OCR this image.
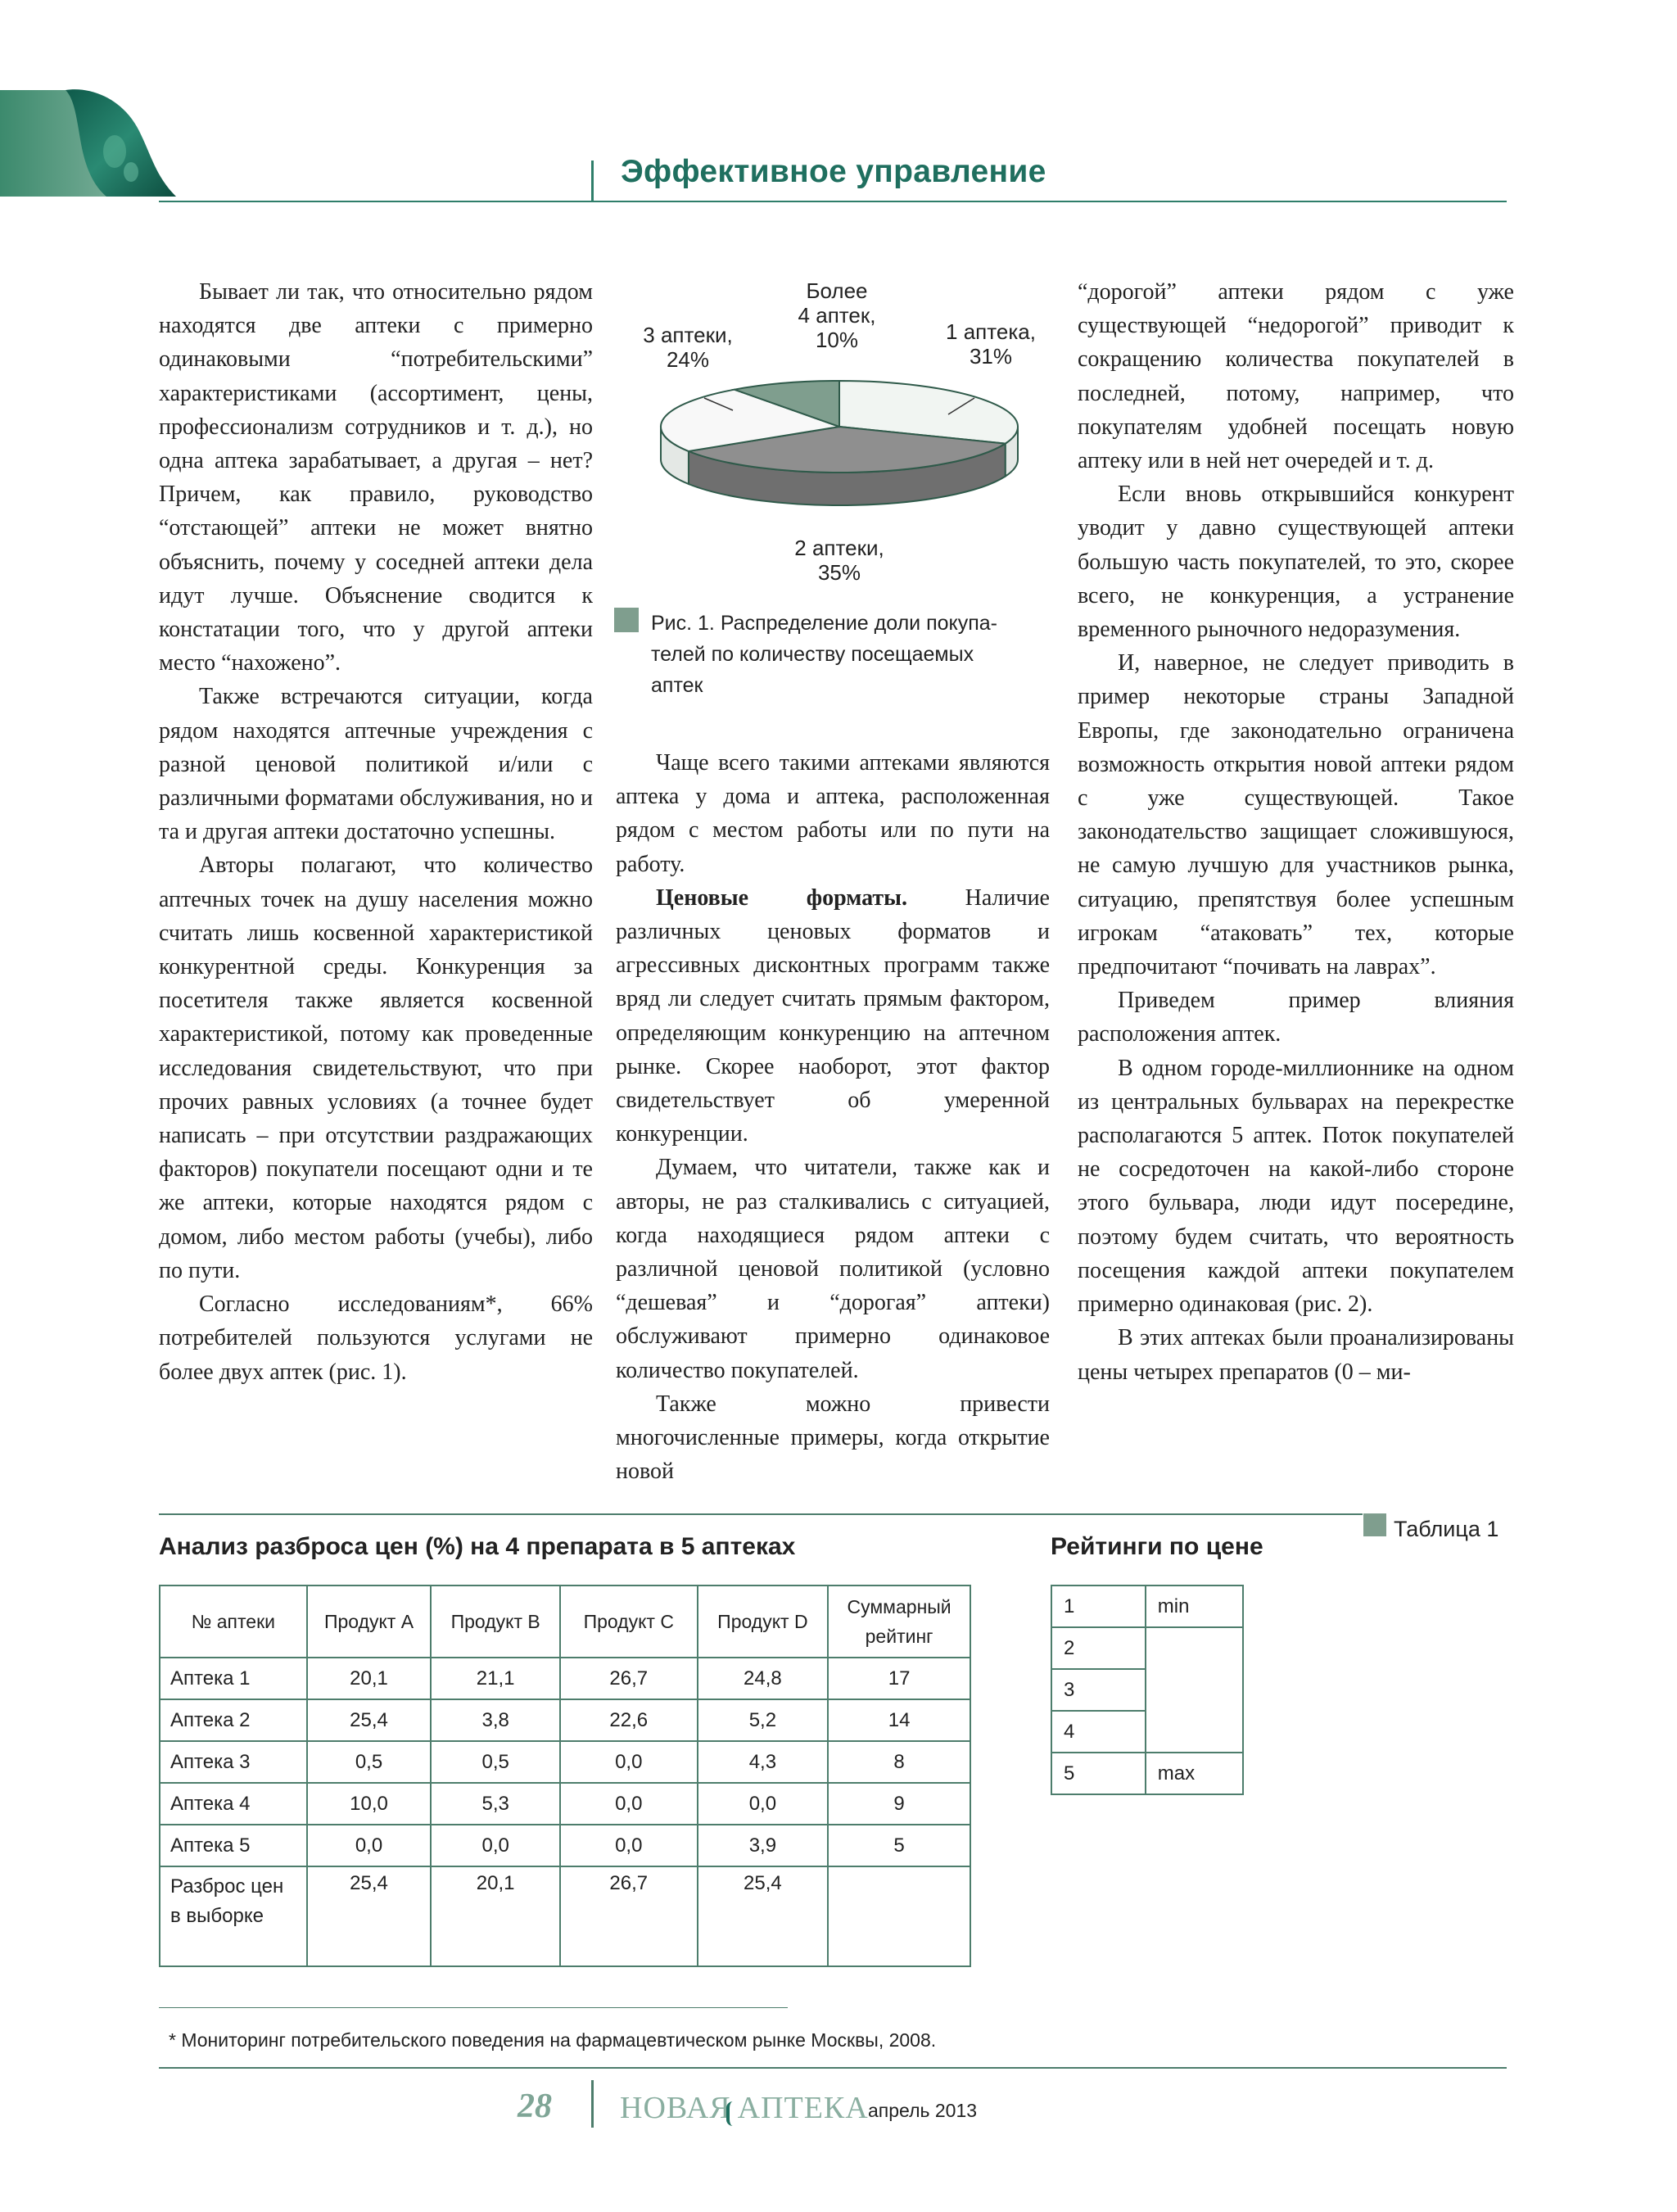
Эффективное управление

Бывает ли так, что относительно рядом находятся две аптеки с примерно одинаковыми “потребительскими” характеристиками (ассортимент, цены, профессионализм сотрудников и т. д.), но одна аптека зарабатывает, а другая – нет? Причем, как правило, руководство “отстающей” аптеки не может внятно объяснить, почему у соседней аптеки дела идут лучше. Объяснение сводится к констатации того, что у другой аптеки место “нахожено”.

Также встречаются ситуации, когда рядом находятся аптечные учреждения с разной ценовой политикой и/или с различными форматами обслуживания, но и та и другая аптеки достаточно успешны.

Авторы полагают, что количество аптечных точек на душу населения можно считать лишь косвенной характеристикой конкурентной среды. Конкуренция за посетителя также является косвенной характеристикой, потому как проведенные исследования свидетельствуют, что при прочих равных условиях (а точнее будет написать – при отсутствии раздражающих факторов) покупатели посещают одни и те же аптеки, которые находятся рядом с домом, либо местом работы (учебы), либо по пути.

Согласно исследованиям*, 66% потребителей пользуются услугами не более двух аптек (рис. 1).

1 аптека, 31%
2 аптеки, 35%
3 аптеки, 24%
Более 4 аптек, 10%
Рис. 1. Распределение доли покупа-
телей по количеству посещаемых
аптек

Чаще всего такими аптеками являются аптека у дома и аптека, расположенная рядом с местом работы или по пути на работу.

Ценовые форматы. Наличие различных ценовых форматов и агрессивных дисконтных программ также вряд ли следует считать прямым фактором, определяющим конкуренцию на аптечном рынке. Скорее наоборот, этот фактор свидетельствует об умеренной конкуренции.

Думаем, что читатели, также как и авторы, не раз сталкивались с ситуацией, когда находящиеся рядом аптеки с различной ценовой политикой (условно “дешевая” и “дорогая” аптеки) обслуживают примерно одинаковое количество покупателей.

Также можно привести многочисленные примеры, когда открытие новой

“дорогой” аптеки рядом с уже существующей “недорогой” приводит к сокращению количества покупателей в последней, потому, например, что покупателям удобней посещать новую аптеку или в ней нет очередей и т. д.

Если вновь открывшийся конкурент уводит у давно существующей аптеки большую часть покупателей, то это, скорее всего, не конкуренция, а устранение временного рыночного недоразумения.

И, наверное, не следует приводить в пример некоторые страны Западной Европы, где законодательно ограничена возможность открытия новой аптеки рядом с уже существующей. Такое законодательство защищает сложившуюся, не самую лучшую для участников рынка, ситуацию, препятствуя более успешным игрокам “атаковать” тех, которые предпочитают “почивать на лаврах”.

Приведем пример влияния расположения аптек.

В одном городе-миллионнике на одном из центральных бульварах на перекрестке располагаются 5 аптек. Поток покупателей не сосредоточен на какой-либо стороне этого бульвара, люди идут посередине, поэтому будем считать, что вероятность посещения каждой аптеки покупателем примерно одинаковая (рис. 2).

В этих аптеках были проанализированы цены четырех препаратов (0 – ми-

Анализ разброса цен (%) на 4 препарата в 5 аптеках	Рейтинги по цене
Таблица 1
№ аптеки	Продукт А	Продукт В	Продукт С	Продукт D	Суммарный рейтинг
Аптека 1	20,1	21,1	26,7	24,8	17
Аптека 2	25,4	3,8	22,6	5,2	14
Аптека 3	0,5	0,5	0,0	4,3	8
Аптека 4	10,0	5,3	0,0	0,0	9
Аптека 5	0,0	0,0	0,0	3,9	5
Разброс цен в выборке	25,4	20,1	26,7	25,4	
1	min
2	
3	
4	
5	max
* Мониторинг потребительского поведения на фармацевтическом рынке Москвы, 2008.
28 НОВАЯ АПТЕКА апрель 2013
